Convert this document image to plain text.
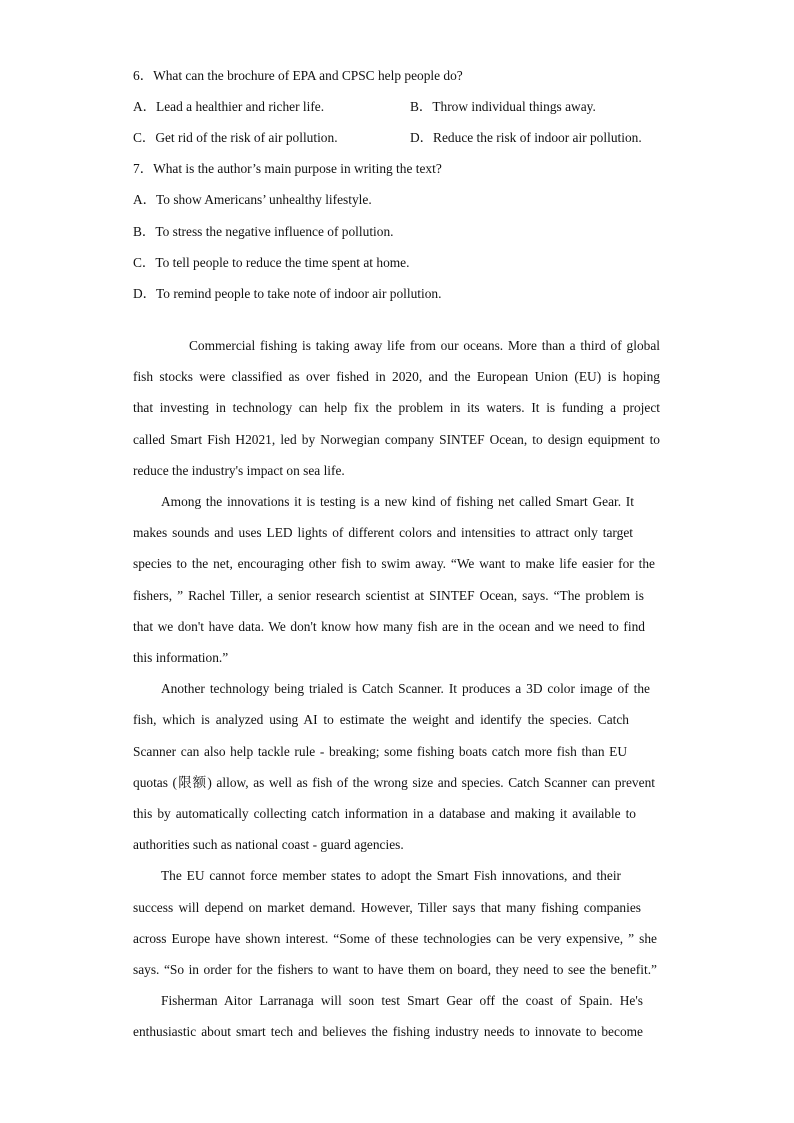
6．What can the brochure of EPA and CPSC help people do?
A．Lead a healthier and richer life.	B．Throw individual things away.
C．Get rid of the risk of air pollution.	D．Reduce the risk of indoor air pollution.
7．What is the author’s main purpose in writing the text?
A．To show Americans’ unhealthy lifestyle.
B．To stress the negative influence of pollution.
C．To tell people to reduce the time spent at home.
D．To remind people to take note of indoor air pollution.
Commercial fishing is taking away life from our oceans. More than a third of global
fish stocks were classified as over fished in 2020, and the European Union (EU) is hoping
that investing in technology can help fix the problem in its waters. It is funding a project
called Smart Fish H2021, led by Norwegian company SINTEF Ocean, to design equipment to
reduce the industry's impact on sea life.
Among the innovations it is testing is a new kind of fishing net called Smart Gear. It
makes sounds and uses LED lights of different colors and intensities to attract only target
species to the net, encouraging other fish to swim away. “We want to make life easier for the
fishers, ” Rachel Tiller, a senior research scientist at SINTEF Ocean, says. “The problem is
that we don't have data. We don't know how many fish are in the ocean and we need to find
this information.”
Another technology being trialed is Catch Scanner. It produces a 3D color image of the
fish, which is analyzed using AI to estimate the weight and identify the species. Catch
Scanner can also help tackle rule - breaking; some fishing boats catch more fish than EU
quotas (限额) allow, as well as fish of the wrong size and species. Catch Scanner can prevent
this by automatically collecting catch information in a database and making it available to
authorities such as national coast - guard agencies.
The EU cannot force member states to adopt the Smart Fish innovations, and their
success will depend on market demand. However, Tiller says that many fishing companies
across Europe have shown interest. “Some of these technologies can be very expensive, ” she
says. “So in order for the fishers to want to have them on board, they need to see the benefit.”
Fisherman Aitor Larranaga will soon test Smart Gear off the coast of Spain. He's
enthusiastic about smart tech and believes the fishing industry needs to innovate to become
